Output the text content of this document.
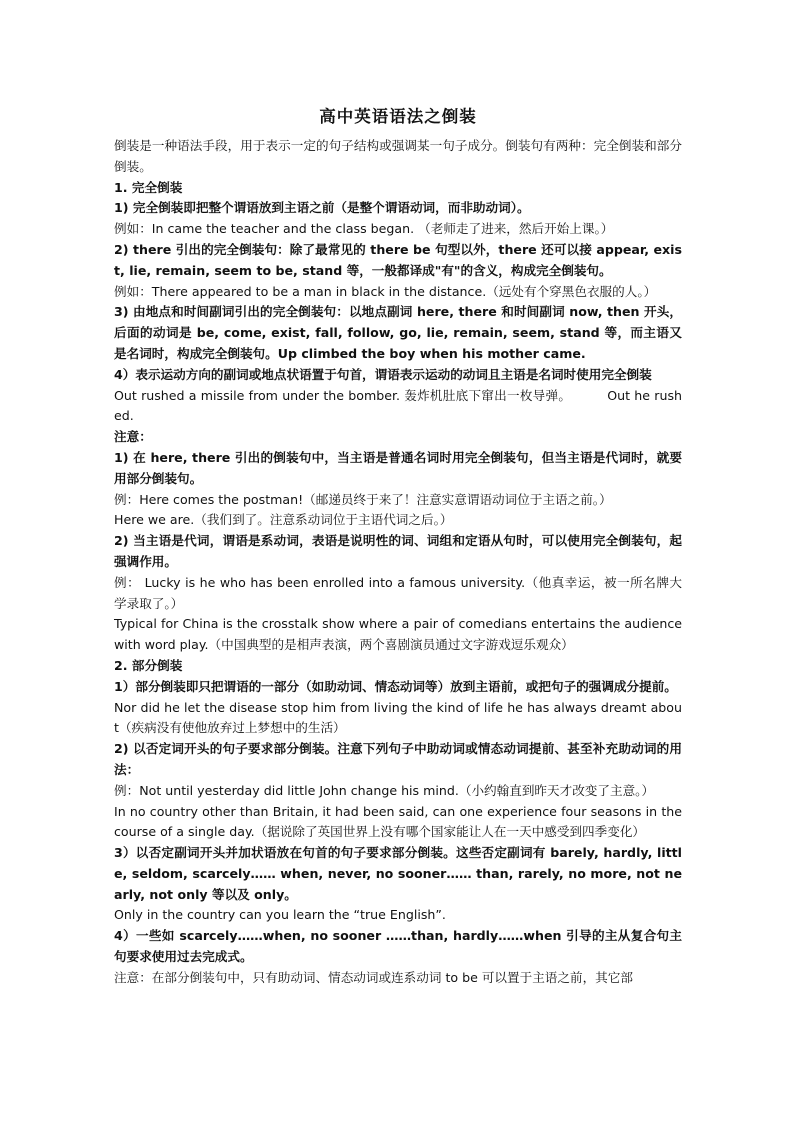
高中英语语法之倒装

倒装是一种语法手段，用于表示一定的句子结构或强调某一句子成分。倒装句有两种：完全倒装和部分倒装。

1. 完全倒装

1) 完全倒装即把整个谓语放到主语之前（是整个谓语动词，而非助动词）。

例如：In came the teacher and the class began. （老师走了进来，然后开始上课。）

2) there 引出的完全倒装句：除了最常见的 there be 句型以外，there 还可以接 appear, exist, lie, remain, seem to be, stand 等，一般都译成"有"的含义，构成完全倒装句。

例如：There appeared to be a man in black in the distance.（远处有个穿黑色衣服的人。）

3) 由地点和时间副词引出的完全倒装句：以地点副词 here, there 和时间副词 now, then 开头，后面的动词是 be, come, exist, fall, follow, go, lie, remain, seem, stand 等，而主语又是名词时，构成完全倒装句。Up climbed the boy when his mother came.

4）表示运动方向的副词或地点状语置于句首，谓语表示运动的动词且主语是名词时使用完全倒装

Out rushed a missile from under the bomber. 轰炸机肚底下窜出一枚导弹。	Out he rushed.

注意：

1) 在 here, there 引出的倒装句中，当主语是普通名词时用完全倒装句，但当主语是代词时，就要用部分倒装句。

例：Here comes the postman!（邮递员终于来了！注意实意谓语动词位于主语之前。）

Here we are.（我们到了。注意系动词位于主语代词之后。）

2) 当主语是代词，谓语是系动词，表语是说明性的词、词组和定语从句时，可以使用完全倒装句，起强调作用。

例： Lucky is he who has been enrolled into a famous university.（他真幸运，被一所名牌大学录取了。）

Typical for China is the crosstalk show where a pair of comedians entertains the audience with word play.（中国典型的是相声表演，两个喜剧演员通过文字游戏逗乐观众）

2. 部分倒装

1）部分倒装即只把谓语的一部分（如助动词、情态动词等）放到主语前，或把句子的强调成分提前。

Nor did he let the disease stop him from living the kind of life he has always dreamt about（疾病没有使他放弃过上梦想中的生活）

2) 以否定词开头的句子要求部分倒装。注意下列句子中助动词或情态动词提前、甚至补充助动词的用法：

例：Not until yesterday did little John change his mind.（小约翰直到昨天才改变了主意。）

In no country other than Britain, it had been said, can one experience four seasons in the course of a single day.（据说除了英国世界上没有哪个国家能让人在一天中感受到四季变化）

3）以否定副词开头并加状语放在句首的句子要求部分倒装。这些否定副词有 barely, hardly, little, seldom, scarcely…… when, never, no sooner…… than, rarely, no more, not nearly, not only 等以及 only。

Only in the country can you learn the “true English”.

4）一些如 scarcely……when, no sooner ……than, hardly……when 引导的主从复合句主句要求使用过去完成式。

注意：在部分倒装句中，只有助动词、情态动词或连系动词 to be 可以置于主语之前，其它部
